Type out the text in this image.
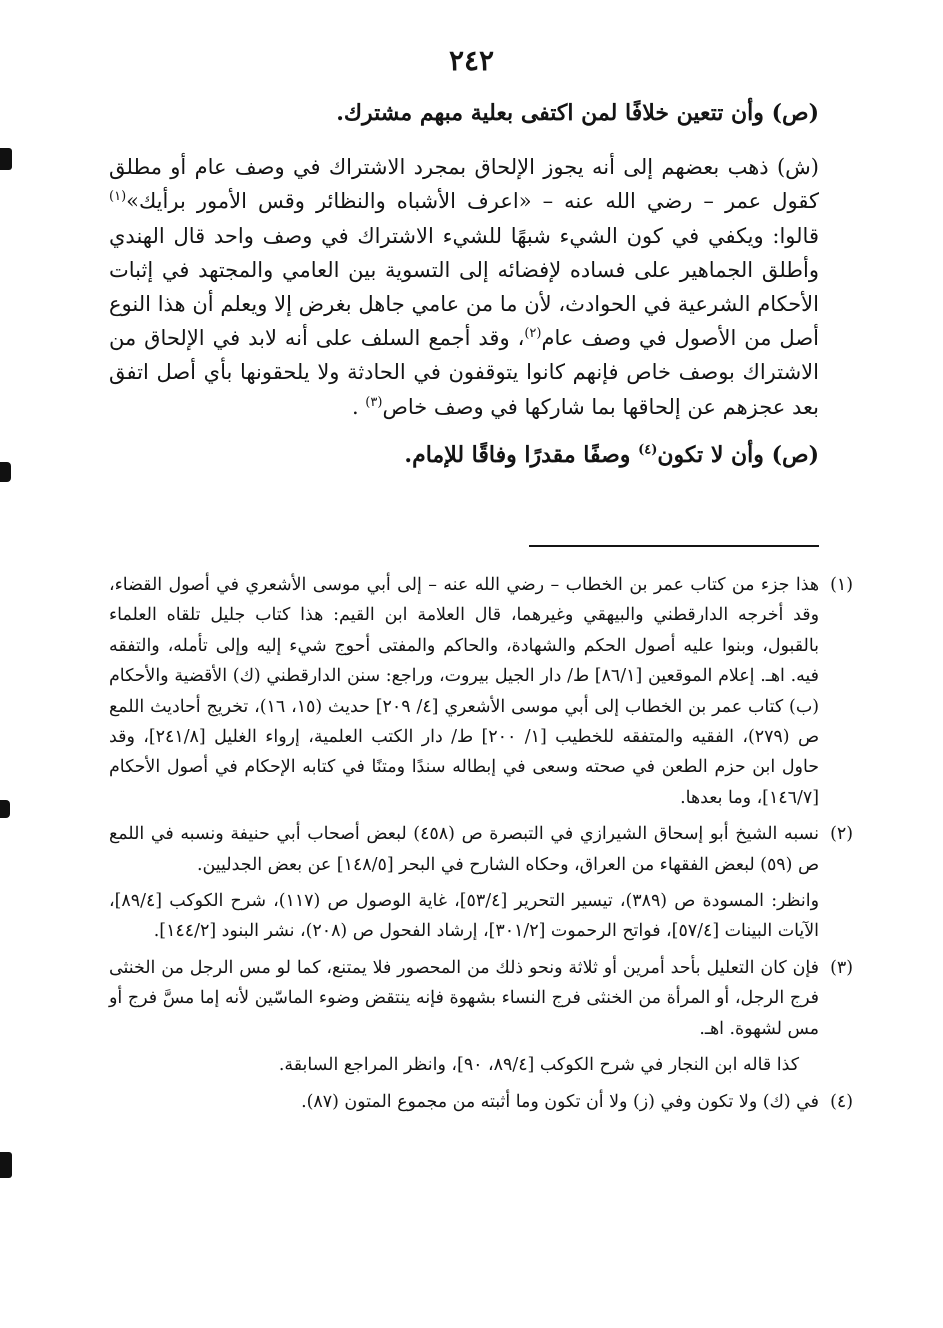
٢٤٢

(ص) وأن تتعين خلافًا لمن اكتفى بعلية مبهم مشترك.

(ش) ذهب بعضهم إلى أنه يجوز الإلحاق بمجرد الاشتراك في وصف عام أو مطلق كقول عمر – رضي الله عنه – «اعرف الأشباه والنظائر وقس الأمور برأيك»$^{(١)}$ قالوا: ويكفي في كون الشيء شبهًا للشيء الاشتراك في وصف واحد قال الهندي وأطلق الجماهير على فساده لإفضائه إلى التسوية بين العامي والمجتهد في إثبات الأحكام الشرعية في الحوادث، لأن ما من عامي جاهل بغرض إلا ويعلم أن هذا النوع أصل من الأصول في وصف عام$^{(٢)}$، وقد أجمع السلف على أنه لابد في الإلحاق من الاشتراك بوصف خاص فإنهم كانوا يتوقفون في الحادثة ولا يلحقونها بأي أصل اتفق بعد عجزهم عن إلحاقها بما شاركها في وصف خاص$^{(٣)}$ .

(ص) وأن لا تكون$^{(٤)}$ وصفًا مقدرًا وفاقًا للإمام.

(١)

هذا جزء من كتاب عمر بن الخطاب – رضي الله عنه – إلى أبي موسى الأشعري في أصول القضاء، وقد أخرجه الدارقطني والبيهقي وغيرهما، قال العلامة ابن القيم: هذا كتاب جليل تلقاه العلماء بالقبول، وبنوا عليه أصول الحكم والشهادة، والحاكم والمفتى أحوج شيء إليه وإلى تأمله، والتفقه فيه. اهـ. إعلام الموقعين [٨٦/١] ط/ دار الجيل بيروت، وراجع: سنن الدارقطني (ك) الأقضية والأحكام (ب) كتاب عمر بن الخطاب إلى أبي موسى الأشعري [٤/ ٢٠٩] حديث (١٥، ١٦)، تخريج أحاديث اللمع ص (٢٧٩)، الفقيه والمتفقه للخطيب [١/ ٢٠٠] ط/ دار الكتب العلمية، إرواء الغليل [٢٤١/٨]، وقد حاول ابن حزم الطعن في صحته وسعى في إبطاله سندًا ومتنًا في كتابه الإحكام في أصول الأحكام [١٤٦/٧]، وما بعدها.

(٢)

نسبه الشيخ أبو إسحاق الشيرازي في التبصرة ص (٤٥٨) لبعض أصحاب أبي حنيفة ونسبه في اللمع ص (٥٩) لبعض الفقهاء من العراق، وحكاه الشارح في البحر [١٤٨/٥] عن بعض الجدليين.

وانظر: المسودة ص (٣٨٩)، تيسير التحرير [٥٣/٤]، غاية الوصول ص (١١٧)، شرح الكوكب [٨٩/٤]، الآيات البينات [٥٧/٤]، فواتح الرحموت [٣٠١/٢]، إرشاد الفحول ص (٢٠٨)، نشر البنود [١٤٤/٢].

(٣)

فإن كان التعليل بأحد أمرين أو ثلاثة ونحو ذلك من المحصور فلا يمتنع، كما لو مس الرجل من الخنثى فرج الرجل، أو المرأة من الخنثى فرج النساء بشهوة فإنه ينتقض وضوء الماسّين لأنه إما مسَّ فرج أو مس لشهوة. اهـ.

كذا قاله ابن النجار في شرح الكوكب [٨٩/٤، ٩٠]، وانظر المراجع السابقة.

(٤)

في (ك) ولا تكون وفي (ز) ولا أن تكون وما أثبته من مجموع المتون (٨٧).
